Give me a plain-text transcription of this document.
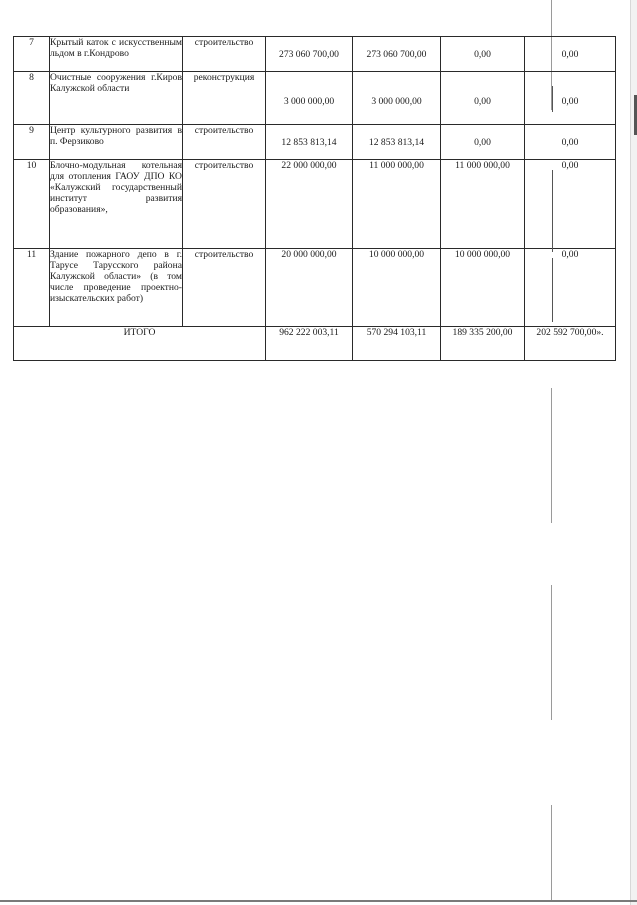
7	Крытый каток с искусственным льдом в г.Кондрово	строительство	273 060 700,00	273 060 700,00	0,00	0,00
8	Очистные сооружения г.Киров Калужской области	реконструкция	3 000 000,00	3 000 000,00	0,00	0,00
9	Центр культурного развития в п. Ферзиково	строительство	12 853 813,14	12 853 813,14	0,00	0,00
10	Блочно-модульная котельная для отопления ГАОУ ДПО КО «Калужский государственный институт развития образования»,	строительство	22 000 000,00	11 000 000,00	11 000 000,00	0,00
11	Здание пожарного депо в г. Тарусе Тарусского района Калужской области» (в том числе проведение проектно-изыскательских работ)	строительство	20 000 000,00	10 000 000,00	10 000 000,00	0,00
ИТОГО			962 222 003,11	570 294 103,11	189 335 200,00	202 592 700,00».
